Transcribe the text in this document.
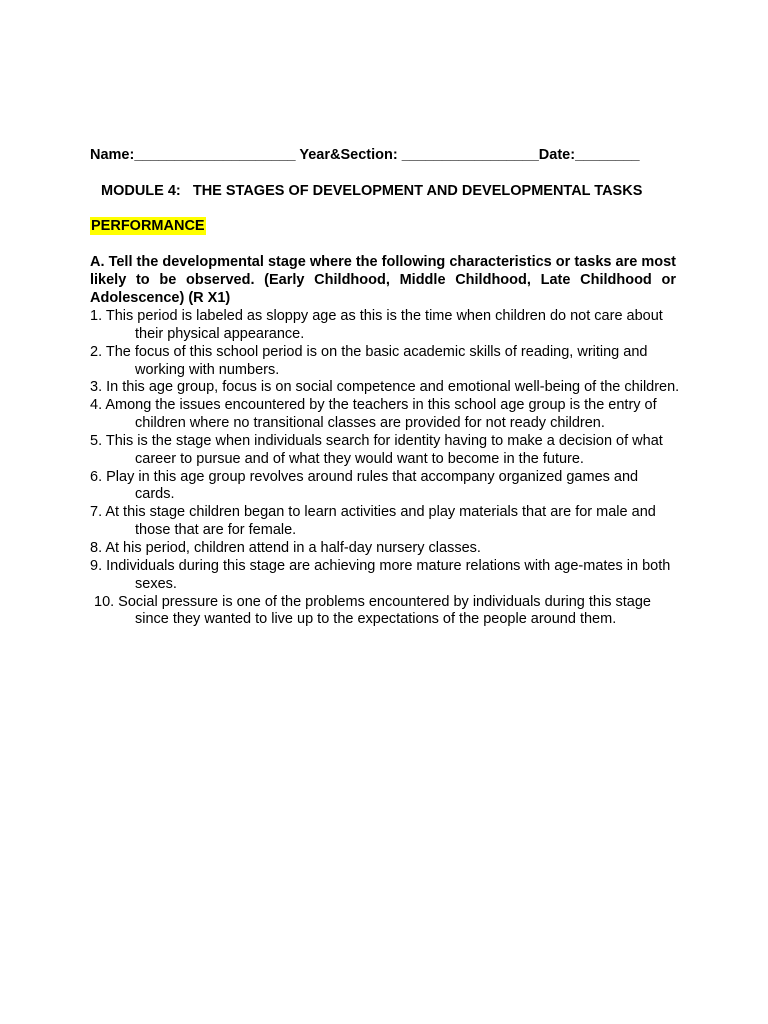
Name:____________________ Year&Section: _________________Date:________
MODULE 4:   THE STAGES OF DEVELOPMENT AND DEVELOPMENTAL TASKS
PERFORMANCE
A. Tell the developmental stage where the following characteristics or tasks are most likely to be observed. (Early Childhood, Middle Childhood, Late Childhood or Adolescence) (R X1)
1. This period is labeled as sloppy age as this is the time when children do not care about their physical appearance.
2. The focus of this school period is on the basic academic skills of reading, writing and working with numbers.
3. In this age group, focus is on social competence and emotional well-being of the children.
4. Among the issues encountered by the teachers in this school age group is the entry of children where no transitional classes are provided for not ready children.
5. This is the stage when individuals search for identity having to make a decision of what career to pursue and of what they would want to become in the future.
6. Play in this age group revolves around rules that accompany organized games and cards.
7. At this stage children began to learn activities and play materials that are for male and those that are for female.
8. At his period, children attend in a half-day nursery classes.
9. Individuals during this stage are achieving more mature relations with age-mates in both sexes.
10. Social pressure is one of the problems encountered by individuals during this stage since they wanted to live up to the expectations of the people around them.
